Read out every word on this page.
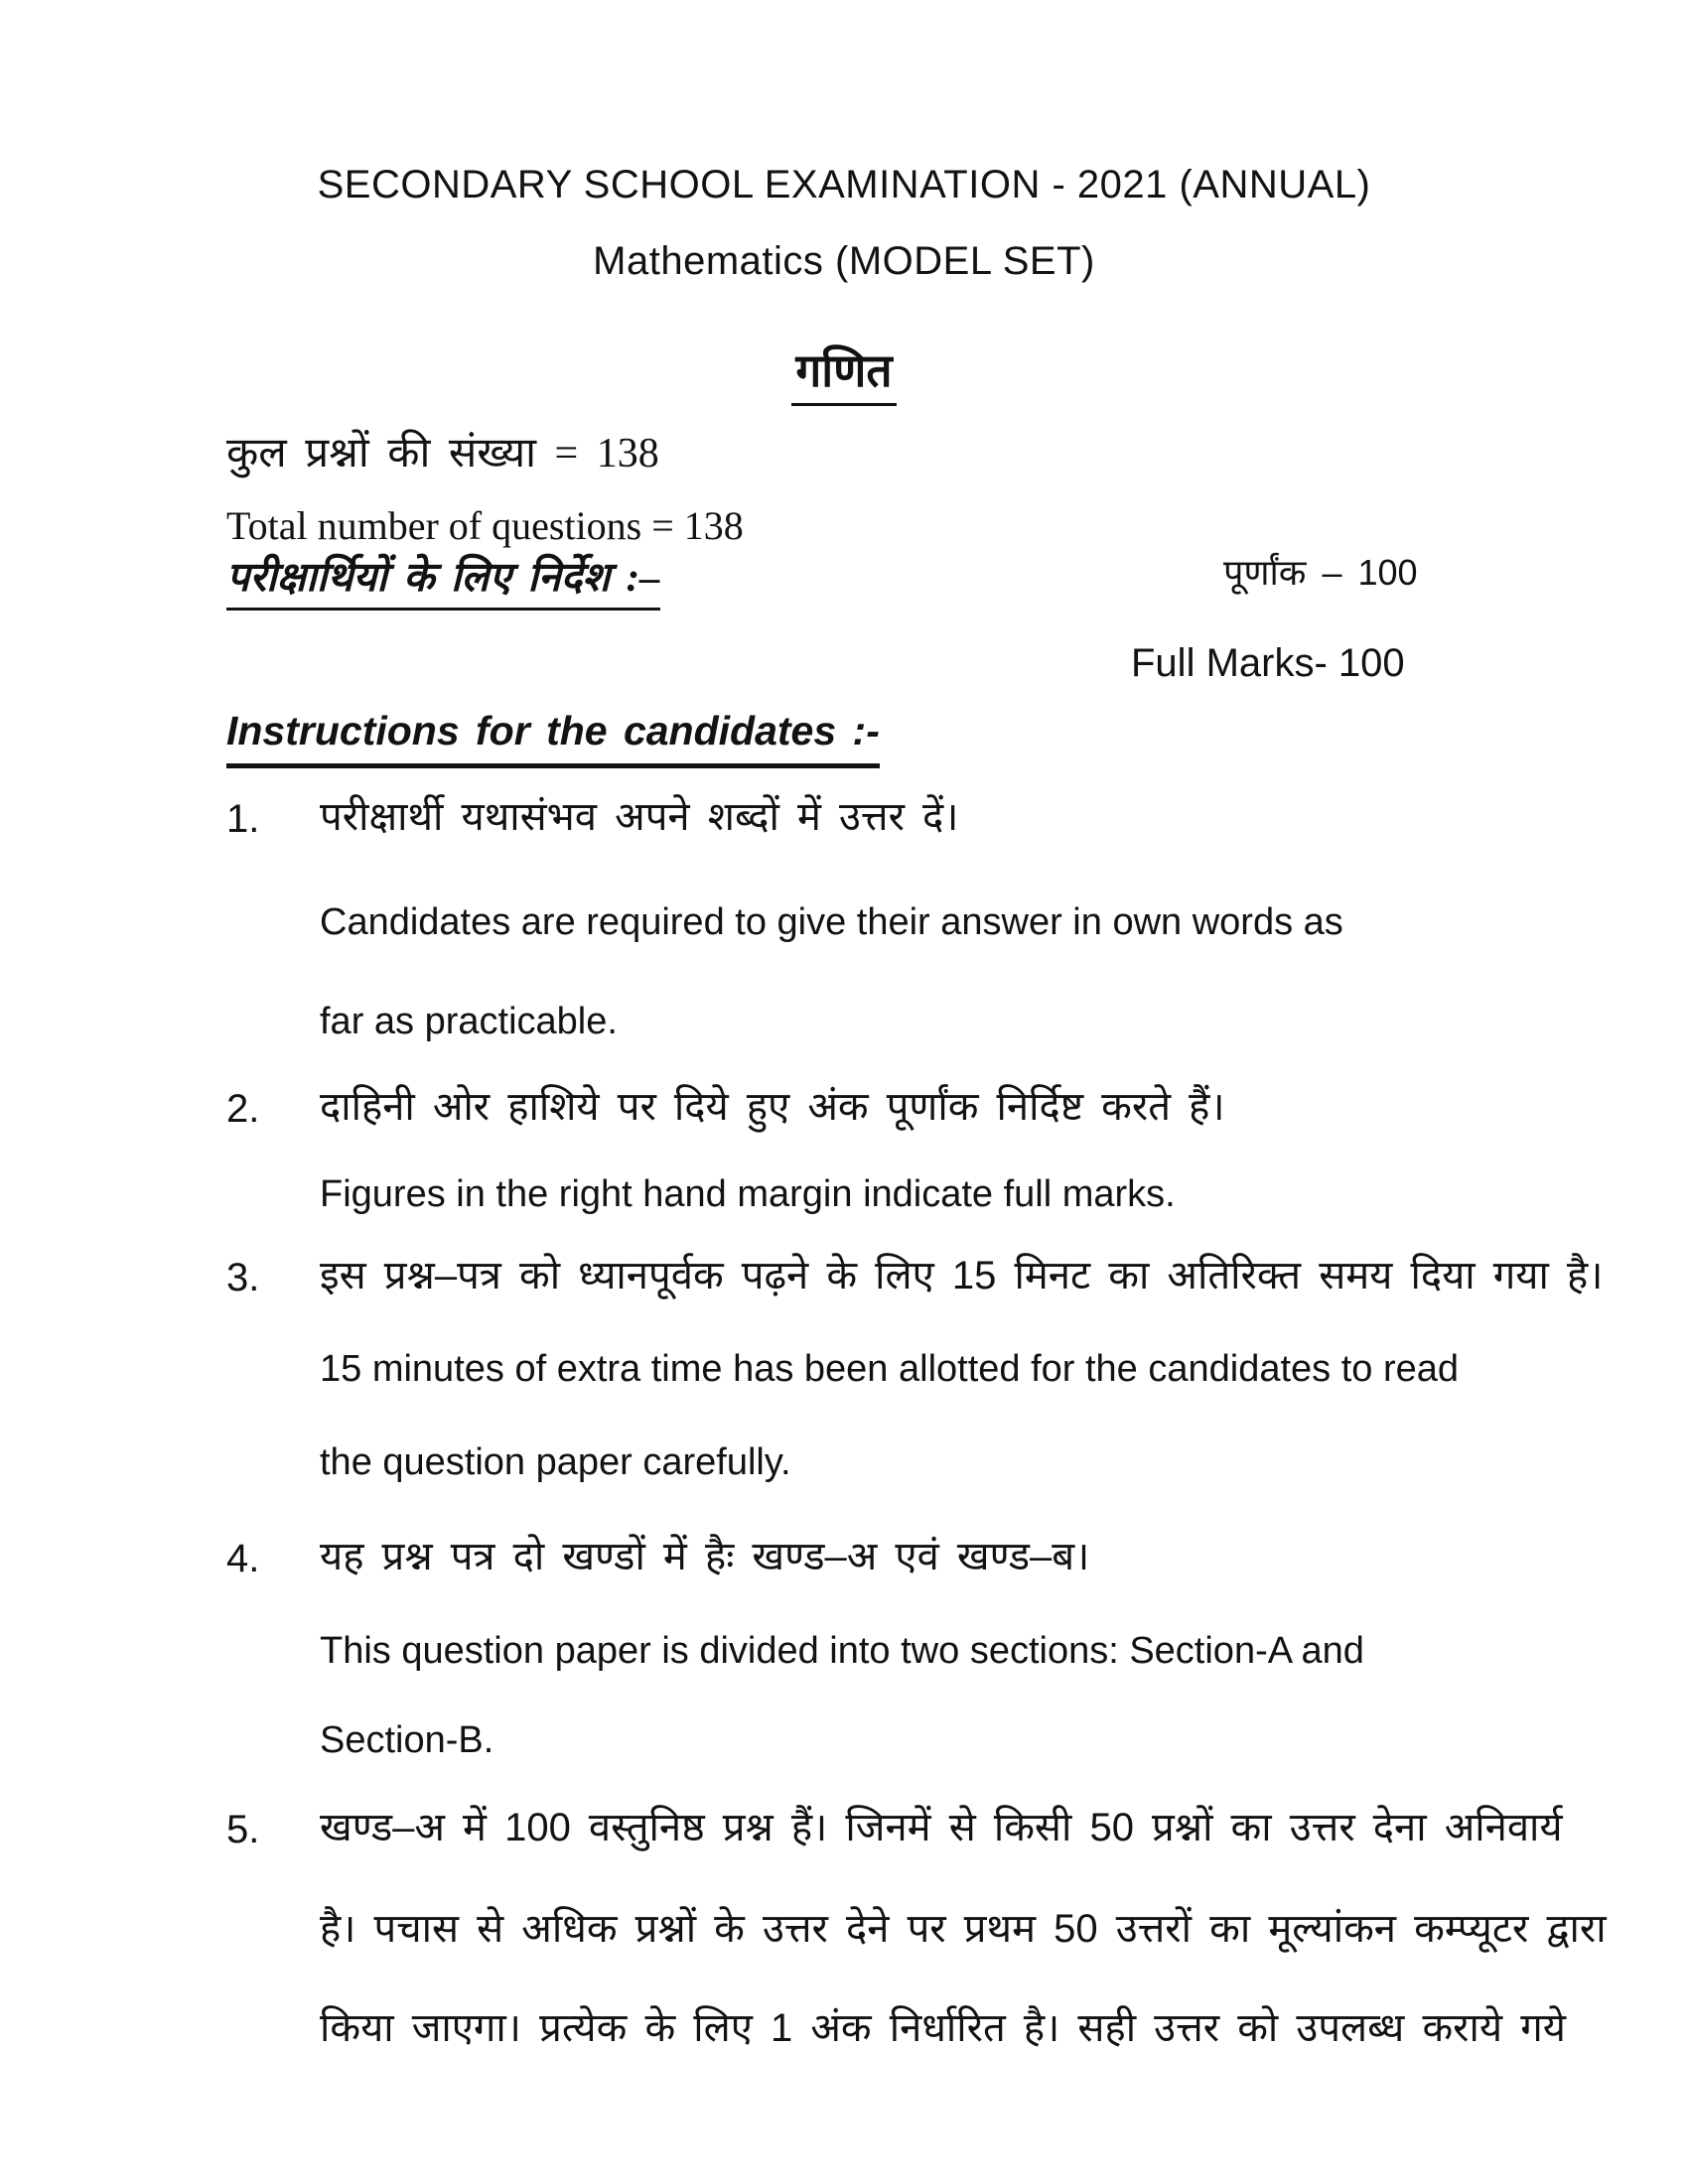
SECONDARY SCHOOL EXAMINATION - 2021 (ANNUAL)
Mathematics (MODEL SET)
गणित
कुल प्रश्नों की संख्या = 138
Total number of questions = 138
परीक्षार्थियों के लिए निर्देश :–	पूर्णांक – 100
Full Marks- 100
Instructions for the candidates :-
1. परीक्षार्थी यथासंभव अपने शब्दों में उत्तर दें।
Candidates are required to give their answer in own words as
far as practicable.
2. दाहिनी ओर हाशिये पर दिये हुए अंक पूर्णांक निर्दिष्ट करते हैं।
Figures in the right hand margin indicate full marks.
3. इस प्रश्न–पत्र को ध्यानपूर्वक पढ़ने के लिए 15 मिनट का अतिरिक्त समय दिया गया है।
15 minutes of extra time has been allotted for the candidates to read
the question paper carefully.
4. यह प्रश्न पत्र दो खण्डों में हैः खण्ड–अ एवं खण्ड–ब।
This question paper is divided into two sections: Section-A and
Section-B.
5. खण्ड–अ में 100 वस्तुनिष्ठ प्रश्न हैं। जिनमें से किसी 50 प्रश्नों का उत्तर देना अनिवार्य
है। पचास से अधिक प्रश्नों के उत्तर देने पर प्रथम 50 उत्तरों का मूल्यांकन कम्प्यूटर द्वारा
किया जाएगा। प्रत्येक के लिए 1 अंक निर्धारित है। सही उत्तर को उपलब्ध कराये गये
